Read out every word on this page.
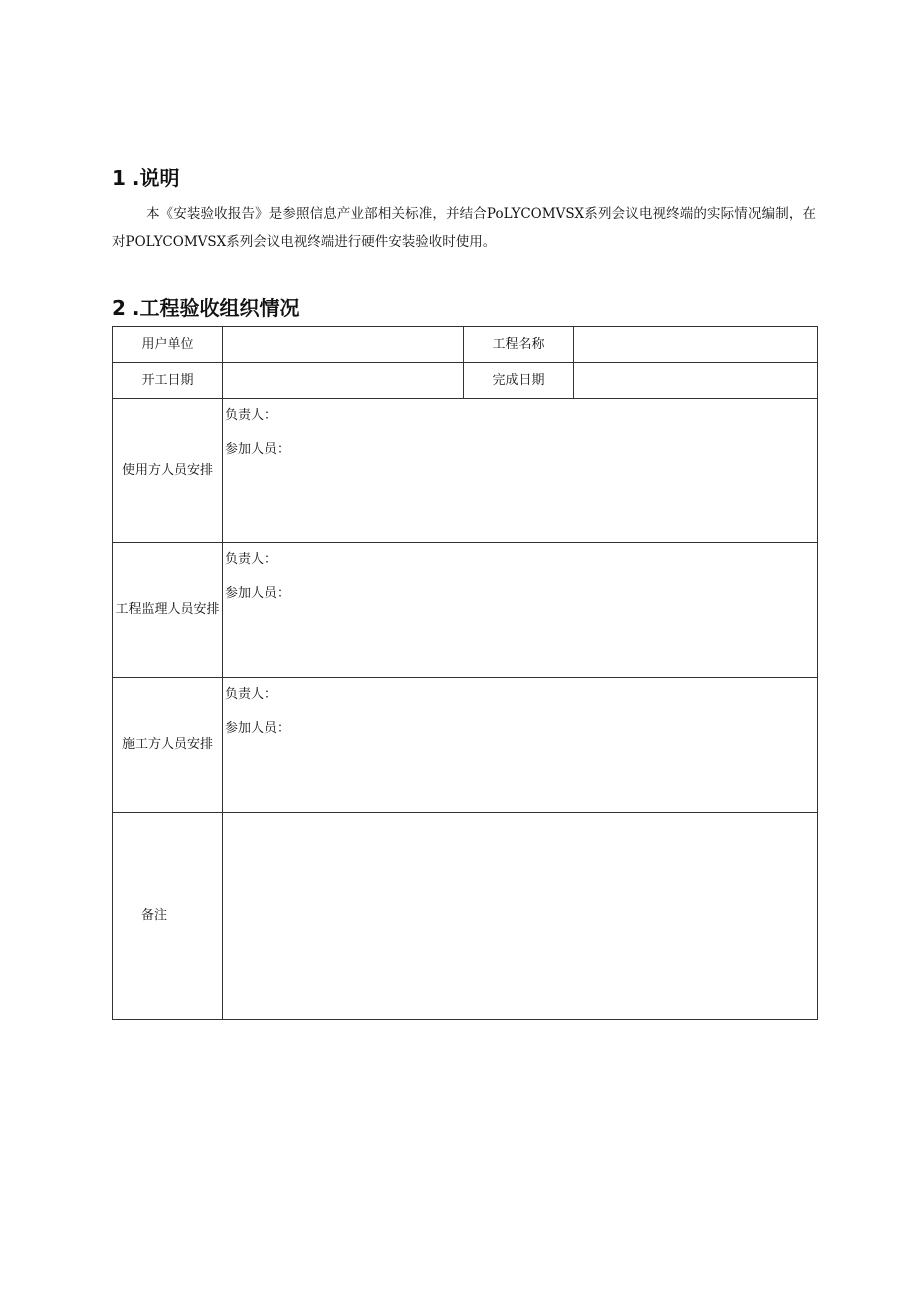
1 .说明

本《安装验收报告》是参照信息产业部相关标准，并结合PoLYCOMVSX系列会议电视终端的实际情况编制，在对POLYCOMVSX系列会议电视终端进行硬件安装验收时使用。

2 .工程验收组织情况
用户单位		工程名称	
开工日期		完成日期	
使用方人员安排	负责人：
参加人员：		

工程监理人员安排	负责人：
参加人员：		

施工方人员安排	负责人：
参加人员：		

备注			
